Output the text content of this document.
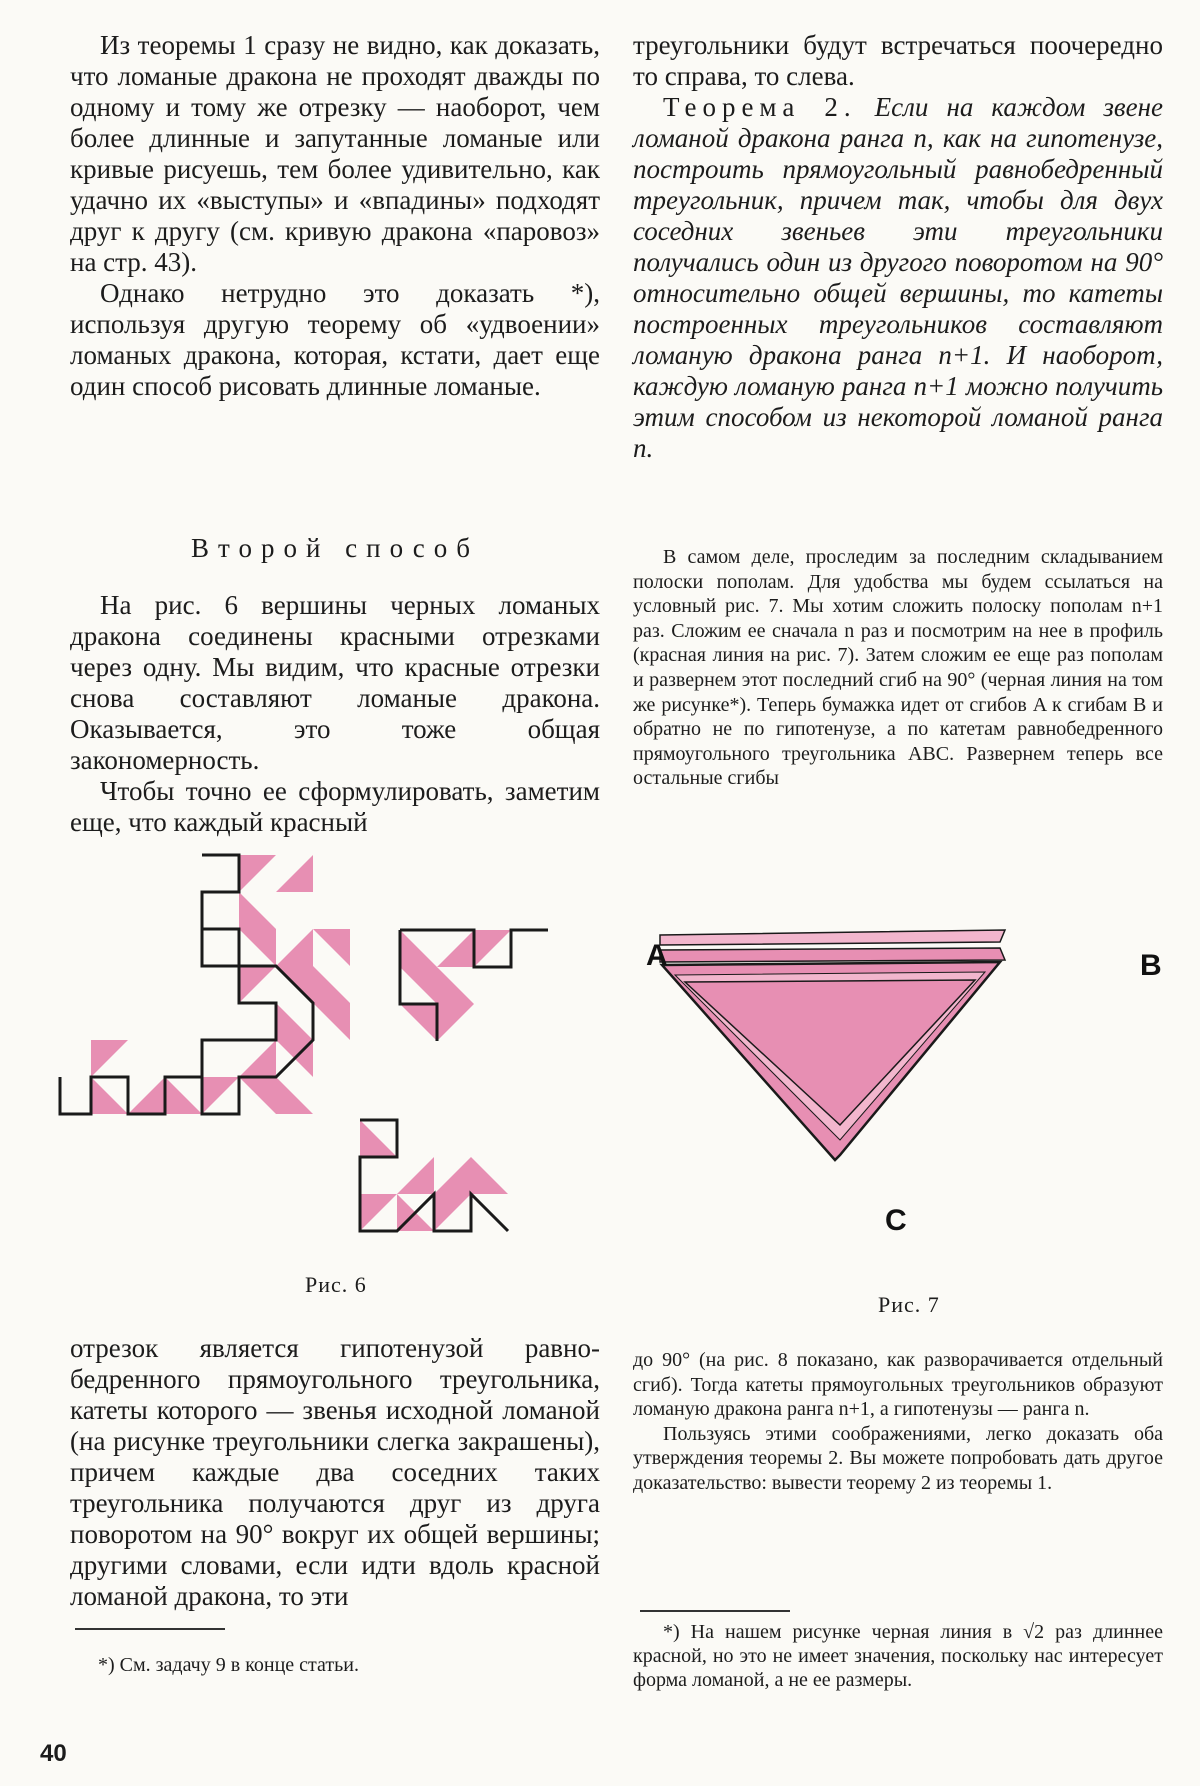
Из теоремы 1 сразу не видно, как доказать, что ломаные дракона не проходят дважды по одному и тому же отрезку — наоборот, чем более длинные и запутанные ломаные или кривые рисуешь, тем более удивительно, как удачно их «выступы» и «впадины» подходят друг к другу (см. кривую дракона «паровоз» на стр. 43).

Однако нетрудно это доказать *), используя другую теорему об «удвоении» ломаных дракона, которая, кстати, дает еще один способ рисовать длинные ломаные.

Второй способ

На рис. 6 вершины черных ломаных дракона соединены красными отрезками через одну. Мы видим, что красные отрезки снова составляют ломаные дракона. Оказывается, это тоже общая закономерность.

Чтобы точно ее сформулировать, заметим еще, что каждый красный

Рис. 6

отрезок является гипотенузой равнобедренного прямоугольного треугольника, катеты которого — звенья исходной ломаной (на рисунке треугольники слегка закрашены), причем каждые два соседних таких треугольника получаются друг из друга поворотом на 90° вокруг их общей вершины; другими словами, если идти вдоль красной ломаной дракона, то эти

*) См. задачу 9 в конце статьи.
40

треугольники будут встречаться поочередно то справа, то слева.

Теорема 2. Если на каждом звене ломаной дракона ранга n, как на гипотенузе, построить прямоугольный равнобедренный треугольник, причем так, чтобы для двух соседних звеньев эти треугольники получались один из другого поворотом на 90° относительно общей вершины, то катеты построенных треугольников составляют ломаную дракона ранга n+1. И наоборот, каждую ломаную ранга n+1 можно получить этим способом из некоторой ломаной ранга n.

В самом деле, проследим за последним складыванием полоски пополам. Для удобства мы будем ссылаться на условный рис. 7. Мы хотим сложить полоску пополам n+1 раз. Сложим ее сначала n раз и посмотрим на нее в профиль (красная линия на рис. 7). Затем сложим ее еще раз пополам и развернем этот последний сгиб на 90° (черная линия на том же рисунке*). Теперь бумажка идет от сгибов A к сгибам B и обратно не по гипотенузе, а по катетам равнобедренного прямоугольного треугольника ABC. Развернем теперь все остальные сгибы

A	B
C
Рис. 7

до 90° (на рис. 8 показано, как разворачивается отдельный сгиб). Тогда катеты прямоугольных треугольников образуют ломаную дракона ранга n+1, а гипотенузы — ранга n.

Пользуясь этими соображениями, легко доказать оба утверждения теоремы 2. Вы можете попробовать дать другое доказательство: вывести теорему 2 из теоремы 1.

*) На нашем рисунке черная линия в √2 раз длиннее красной, но это не имеет значения, поскольку нас интересует форма ломаной, а не ее размеры.
